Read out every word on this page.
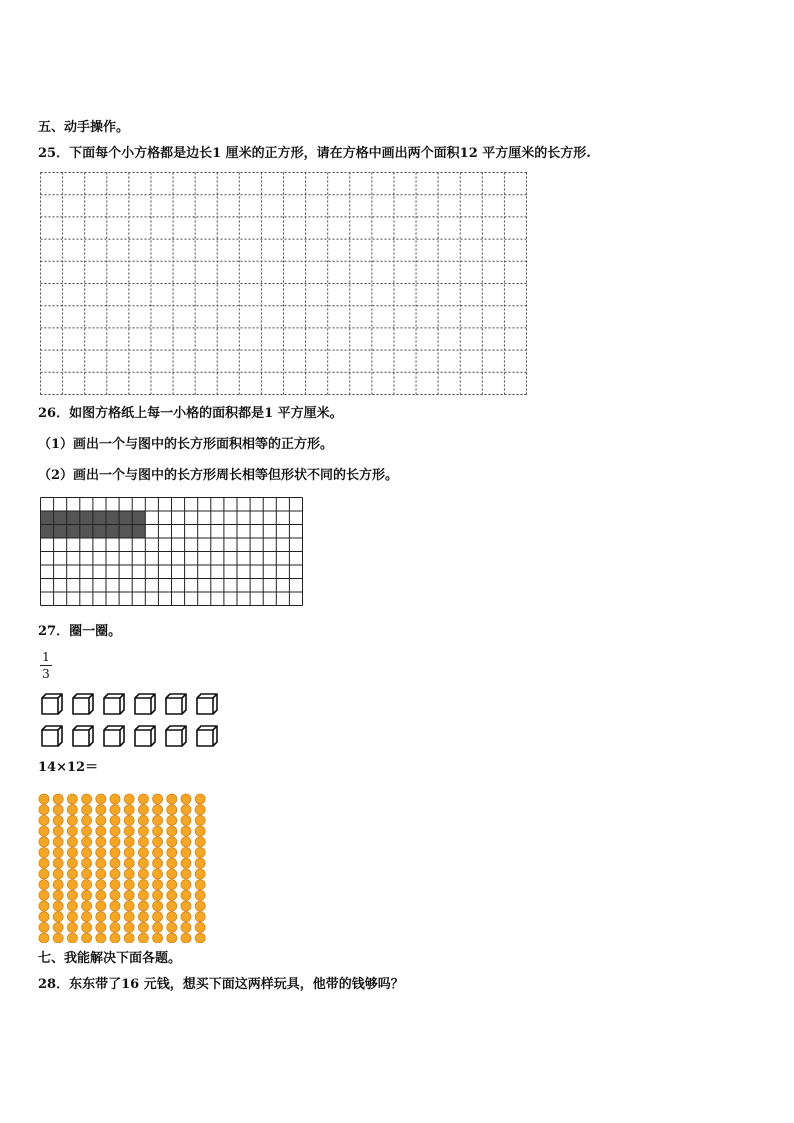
五、动手操作。
25．下面每个小方格都是边长1 厘米的正方形，请在方格中画出两个面积12 平方厘米的长方形.
26．如图方格纸上每一小格的面积都是1 平方厘米。
（1）画出一个与图中的长方形面积相等的正方形。
（2）画出一个与图中的长方形周长相等但形状不同的长方形。
27．圈一圈。
1
3
14×12＝
七、我能解决下面各题。
28．东东带了16 元钱，想买下面这两样玩具，他带的钱够吗？
